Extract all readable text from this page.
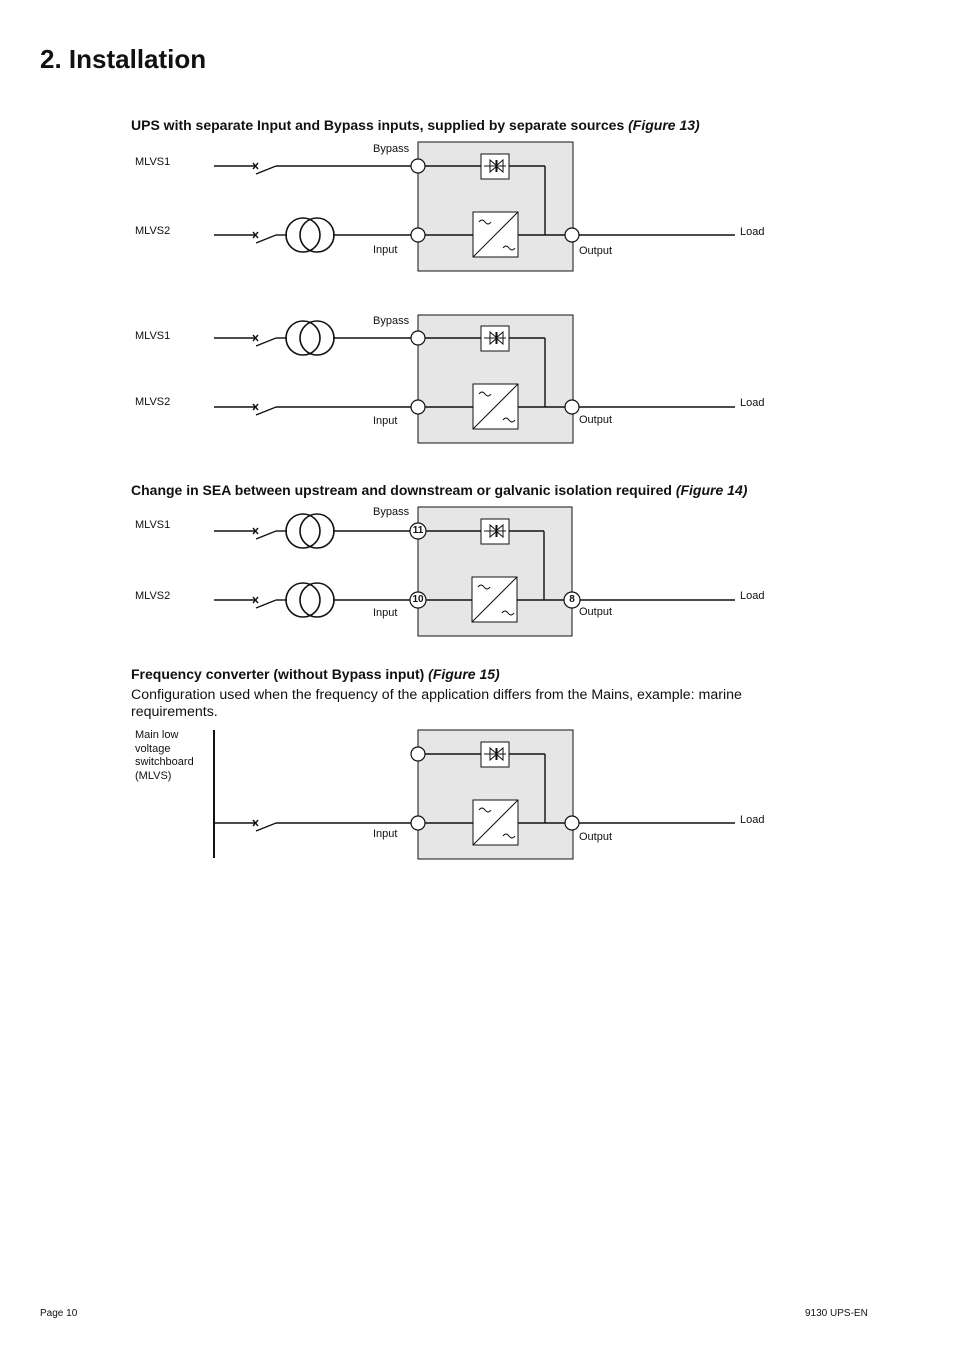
2. Installation

UPS with separate Input and Bypass inputs, supplied by separate sources (Figure 13)

MLVS1
MLVS2
Bypass
Input	Output
Load
MLVS1
MLVS2
Bypass
Input	Output
Load

Change in SEA between upstream and downstream or galvanic isolation required (Figure 14)

11
10	8
MLVS1
MLVS2
Bypass
Input	Output
Load

Frequency converter (without Bypass input) (Figure 15)

Configuration used when the frequency of the application differs from the Mains, example: marine requirements.

Main low
voltage
switchboard
(MLVS)
Input	Output
Load
Page 10	9130 UPS-EN
